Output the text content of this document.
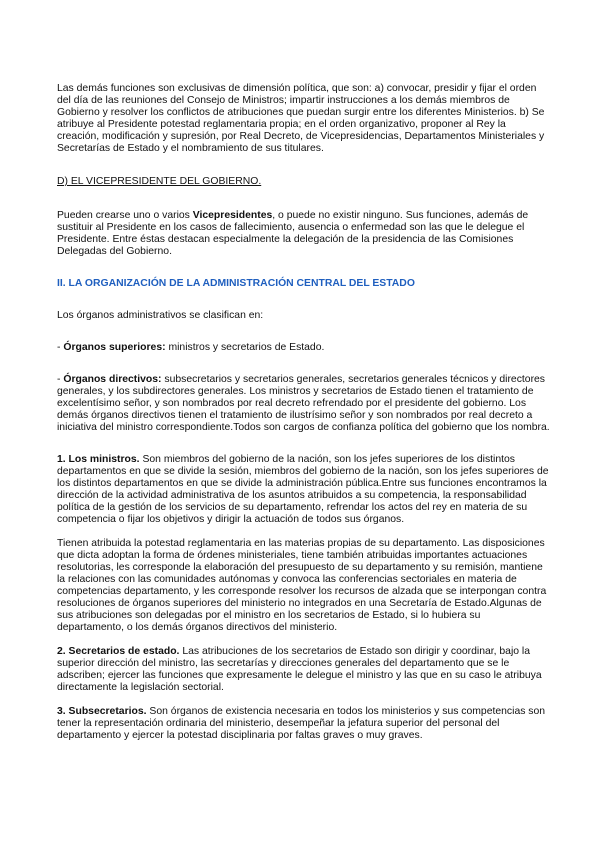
Las demás funciones son exclusivas de dimensión política, que son: a) convocar, presidir y fijar el orden del día de las reuniones del Consejo de Ministros; impartir instrucciones a los demás miembros de Gobierno y resolver los conflictos de atribuciones que puedan surgir entre los diferentes Ministerios. b) Se atribuye al Presidente potestad reglamentaria propia; en el orden organizativo, proponer al Rey la creación, modificación y supresión, por Real Decreto, de Vicepresidencias, Departamentos Ministeriales y Secretarías de Estado y el nombramiento de sus titulares.

D) EL VICEPRESIDENTE DEL GOBIERNO.

Pueden crearse uno o varios Vicepresidentes, o puede no existir ninguno. Sus funciones, además de sustituir al Presidente en los casos de fallecimiento, ausencia o enfermedad son las que le delegue el Presidente. Entre éstas destacan especialmente la delegación de la presidencia de las Comisiones Delegadas del Gobierno.

II. LA ORGANIZACIÓN DE LA ADMINISTRACIÓN CENTRAL DEL ESTADO

Los órganos administrativos se clasifican en:

- Órganos superiores: ministros y secretarios de Estado.

- Órganos directivos: subsecretarios y secretarios generales, secretarios generales técnicos y directores generales, y los subdirectores generales. Los ministros y secretarios de Estado tienen el tratamiento de excelentísimo señor, y son nombrados por real decreto refrendado por el presidente del gobierno. Los demás órganos directivos tienen el tratamiento de ilustrísimo señor y son nombrados por real decreto a iniciativa del ministro correspondiente.Todos son cargos de confianza política del gobierno que los nombra.

1. Los ministros. Son miembros del gobierno de la nación, son los jefes superiores de los distintos departamentos en que se divide la sesión, miembros del gobierno de la nación, son los jefes superiores de los distintos departamentos en que se divide la administración pública.Entre sus funciones encontramos la dirección de la actividad administrativa de los asuntos atribuidos a su competencia, la responsabilidad política de la gestión de los servicios de su departamento, refrendar los actos del rey en materia de su competencia o fijar los objetivos y dirigir la actuación de todos sus órganos.

Tienen atribuida la potestad reglamentaria en las materias propias de su departamento. Las disposiciones que dicta adoptan la forma de órdenes ministeriales, tiene también atribuidas importantes actuaciones resolutorias, les corresponde la elaboración del presupuesto de su departamento y su remisión, mantiene la relaciones con las comunidades autónomas y convoca las conferencias sectoriales en materia de competencias departamento, y les corresponde resolver los recursos de alzada que se interpongan contra resoluciones de órganos superiores del ministerio no integrados en una Secretaría de Estado.Algunas de sus atribuciones son delegadas por el ministro en los secretarios de Estado, si lo hubiera su departamento, o los demás órganos directivos del ministerio.

2. Secretarios de estado. Las atribuciones de los secretarios de Estado son dirigir y coordinar, bajo la superior dirección del ministro, las secretarías y direcciones generales del departamento que se le adscriben; ejercer las funciones que expresamente le delegue el ministro y las que en su caso le atribuya directamente la legislación sectorial.

3. Subsecretarios. Son órganos de existencia necesaria en todos los ministerios y sus competencias son tener la representación ordinaria del ministerio, desempeñar la jefatura superior del personal del departamento y ejercer la potestad disciplinaria por faltas graves o muy graves.
